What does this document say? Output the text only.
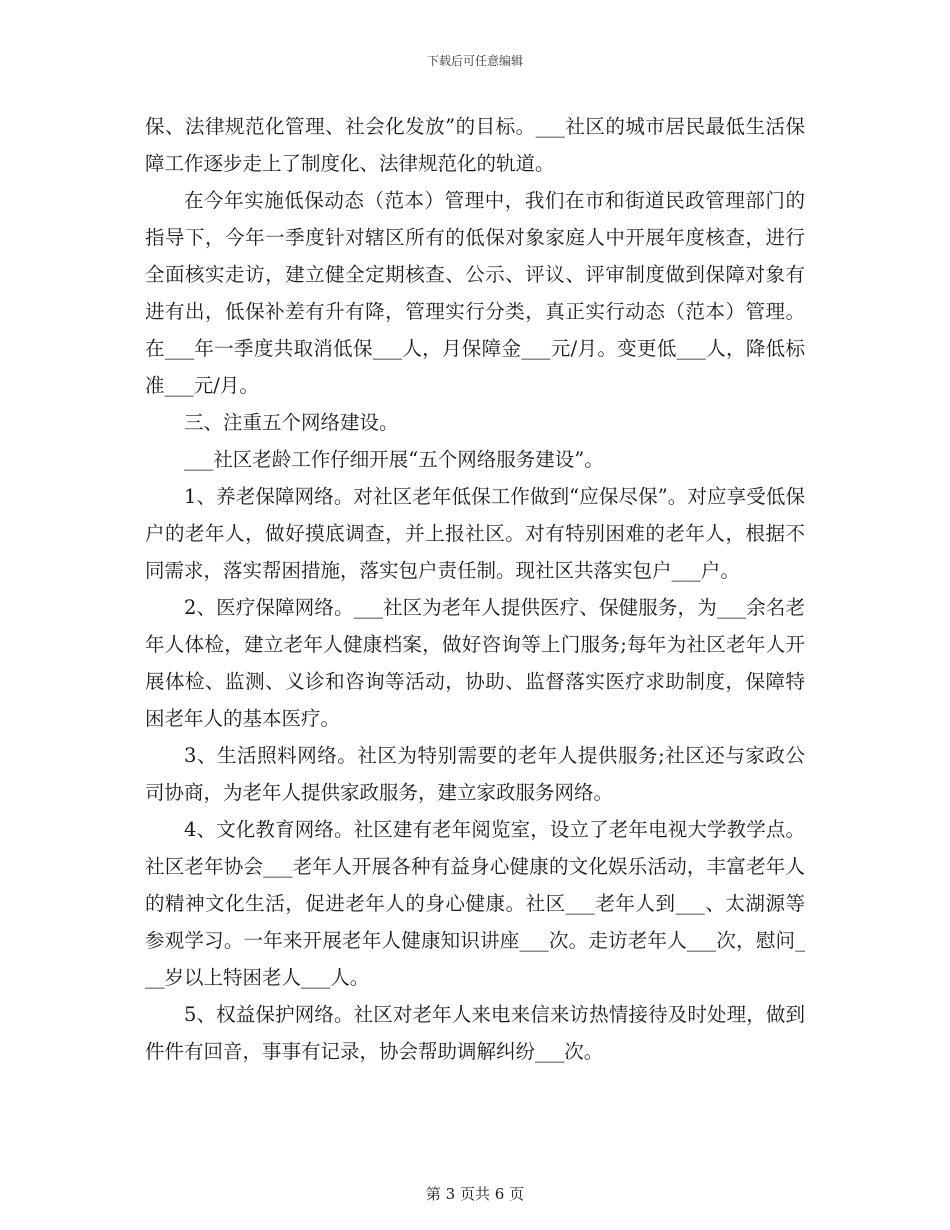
下载后可任意编辑

保、法律规范化管理、社会化发放”的目标。___社区的城市居民最低生活保障工作逐步走上了制度化、法律规范化的轨道。

在今年实施低保动态（范本）管理中，我们在市和街道民政管理部门的指导下，今年一季度针对辖区所有的低保对象家庭人中开展年度核查，进行全面核实走访，建立健全定期核查、公示、评议、评审制度做到保障对象有进有出，低保补差有升有降，管理实行分类，真正实行动态（范本）管理。在___年一季度共取消低保___人，月保障金___元/月。变更低___人，降低标准___元/月。

三、注重五个网络建设。

___社区老龄工作仔细开展“五个网络服务建设”。

1、养老保障网络。对社区老年低保工作做到“应保尽保”。对应享受低保户的老年人，做好摸底调查，并上报社区。对有特别困难的老年人，根据不同需求，落实帮困措施，落实包户责任制。现社区共落实包户___户。

2、医疗保障网络。___社区为老年人提供医疗、保健服务，为___余名老年人体检，建立老年人健康档案，做好咨询等上门服务;每年为社区老年人开展体检、监测、义诊和咨询等活动，协助、监督落实医疗求助制度，保障特困老年人的基本医疗。

3、生活照料网络。社区为特别需要的老年人提供服务;社区还与家政公司协商，为老年人提供家政服务，建立家政服务网络。

4、文化教育网络。社区建有老年阅览室，设立了老年电视大学教学点。社区老年协会___老年人开展各种有益身心健康的文化娱乐活动，丰富老年人的精神文化生活，促进老年人的身心健康。社区___老年人到___、太湖源等参观学习。一年来开展老年人健康知识讲座___次。走访老年人___次，慰问___岁以上特困老人___人。

5、权益保护网络。社区对老年人来电来信来访热情接待及时处理，做到件件有回音，事事有记录，协会帮助调解纠纷___次。

第 3 页共 6 页
